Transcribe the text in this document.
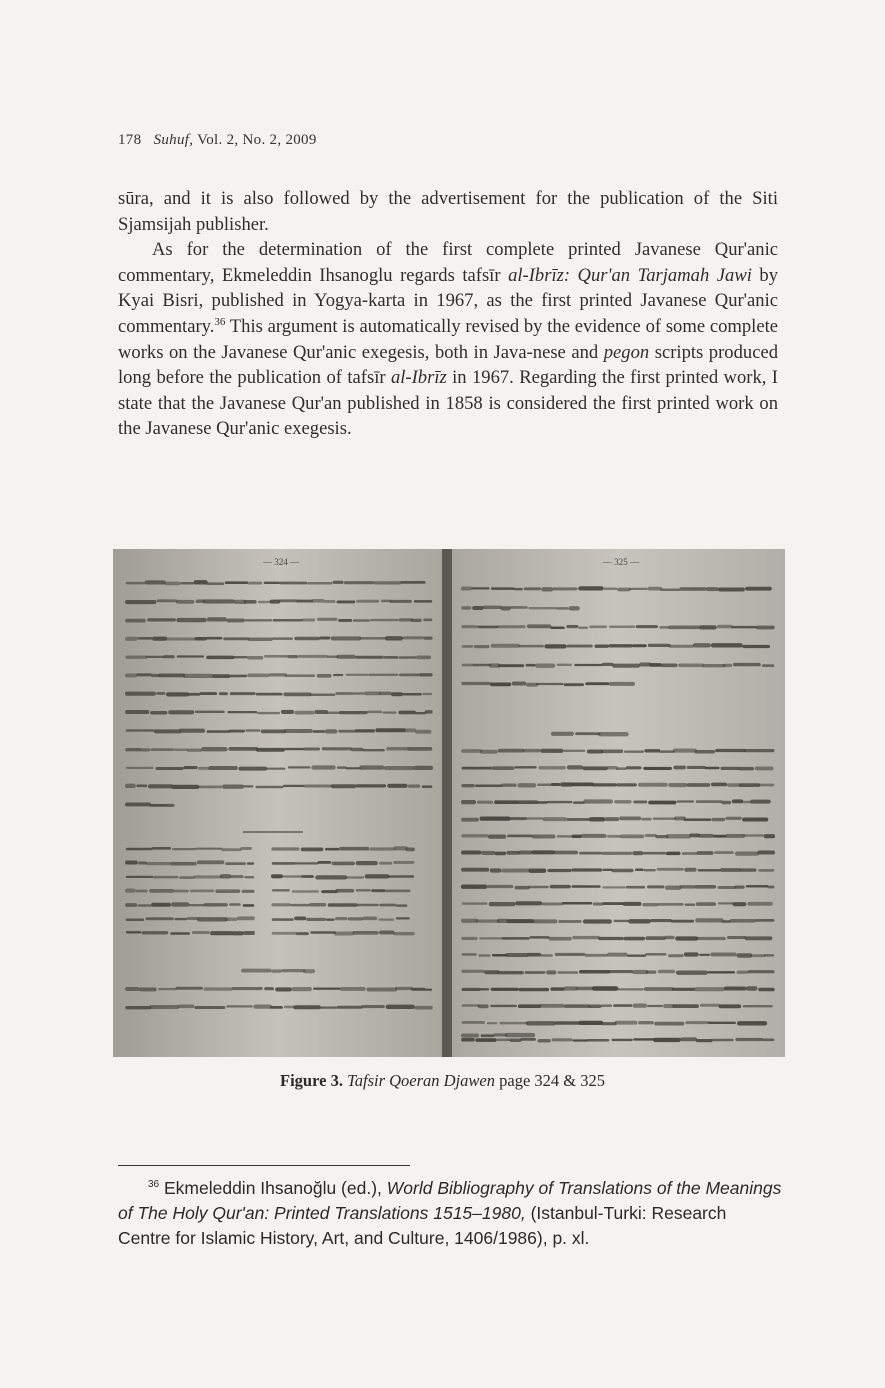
178 Suhuf, Vol. 2, No. 2, 2009

sūra, and it is also followed by the advertisement for the publication of the Siti Sjamsijah publisher.

As for the determination of the first complete printed Javanese Qur'anic commentary, Ekmeleddin Ihsanoglu regards tafsīr al-Ibrīz: Qur'an Tarjamah Jawi by Kyai Bisri, published in Yogya-karta in 1967, as the first printed Javanese Qur'anic commentary.$^{36}$ This argument is automatically revised by the evidence of some complete works on the Javanese Qur'anic exegesis, both in Java-nese and pegon scripts produced long before the publication of tafsīr al-Ibrīz in 1967. Regarding the first printed work, I state that the Javanese Qur'an published in 1858 is considered the first printed work on the Javanese Qur'anic exegesis.

— 324 —	— 325 —
Figure 3. Tafsir Qoeran Djawen page 324 & 325

$^{36}$ Ekmeleddin Ihsanoğlu (ed.), World Bibliography of Translations of the Meanings of The Holy Qur'an: Printed Translations 1515–1980, (Istanbul-Turki: Research Centre for Islamic History, Art, and Culture, 1406/1986), p. xl.
